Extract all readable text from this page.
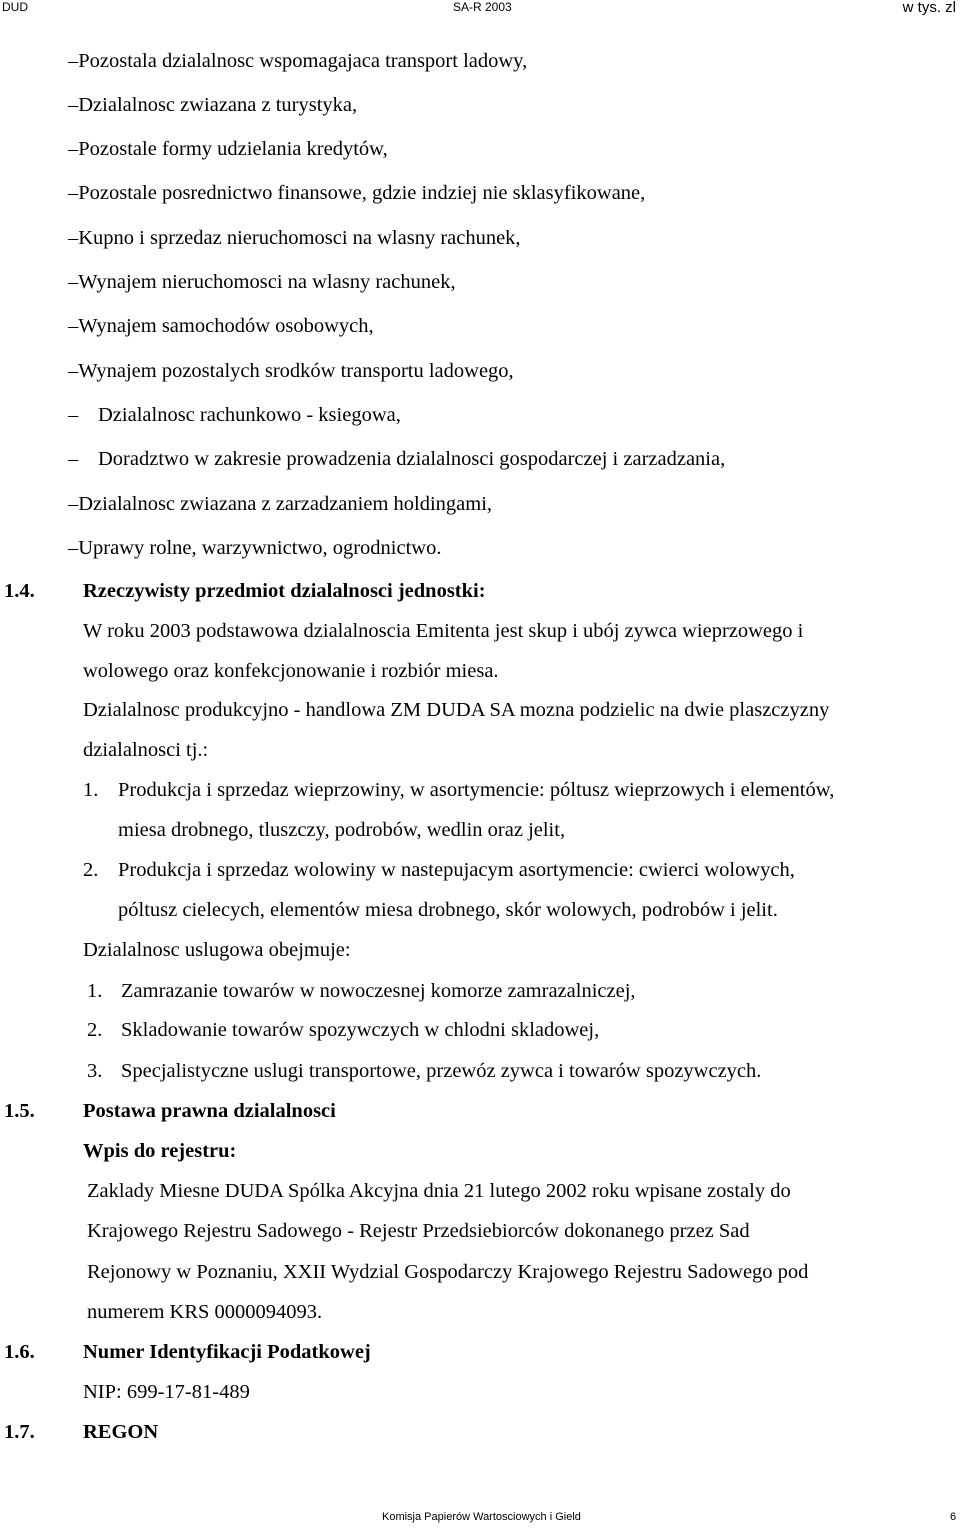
DUD	SA-R 2003	w tys. zl
–Pozostala dzialalnosc wspomagajaca transport ladowy,
–Dzialalnosc zwiazana z turystyka,
–Pozostale formy udzielania kredytów,
–Pozostale posrednictwo finansowe, gdzie indziej nie sklasyfikowane,
–Kupno i sprzedaz nieruchomosci na wlasny rachunek,
–Wynajem nieruchomosci na wlasny rachunek,
–Wynajem samochodów osobowych,
–Wynajem pozostalych srodków transportu ladowego,
– Dzialalnosc rachunkowo - ksiegowa,
– Doradztwo w zakresie prowadzenia dzialalnosci gospodarczej i zarzadzania,
–Dzialalnosc zwiazana z zarzadzaniem holdingami,
–Uprawy rolne, warzywnictwo, ogrodnictwo.
1.4. Rzeczywisty przedmiot dzialalnosci jednostki:
W roku 2003 podstawowa dzialalnoscia Emitenta jest skup i ubój zywca wieprzowego i
wolowego oraz konfekcjonowanie i rozbiór miesa.
Dzialalnosc produkcyjno - handlowa ZM DUDA SA mozna podzielic na dwie plaszczyzny
dzialalnosci tj.:
1. Produkcja i sprzedaz wieprzowiny, w asortymencie: póltusz wieprzowych i elementów,
miesa drobnego, tluszczy, podrobów, wedlin oraz jelit,
2. Produkcja i sprzedaz wolowiny w nastepujacym asortymencie: cwierci wolowych,
póltusz cielecych, elementów miesa drobnego, skór wolowych, podrobów i jelit.
Dzialalnosc uslugowa obejmuje:
1. Zamrazanie towarów w nowoczesnej komorze zamrazalniczej,
2. Skladowanie towarów spozywczych w chlodni skladowej,
3. Specjalistyczne uslugi transportowe, przewóz zywca i towarów spozywczych.
1.5. Postawa prawna dzialalnosci
Wpis do rejestru:
Zaklady Miesne DUDA Spólka Akcyjna dnia 21 lutego 2002 roku wpisane zostaly do
Krajowego Rejestru Sadowego - Rejestr Przedsiebiorców dokonanego przez Sad
Rejonowy w Poznaniu, XXII Wydzial Gospodarczy Krajowego Rejestru Sadowego pod
numerem KRS 0000094093.
1.6. Numer Identyfikacji Podatkowej
NIP: 699-17-81-489
1.7. REGON
Komisja Papierów Wartosciowych i Gield	6
